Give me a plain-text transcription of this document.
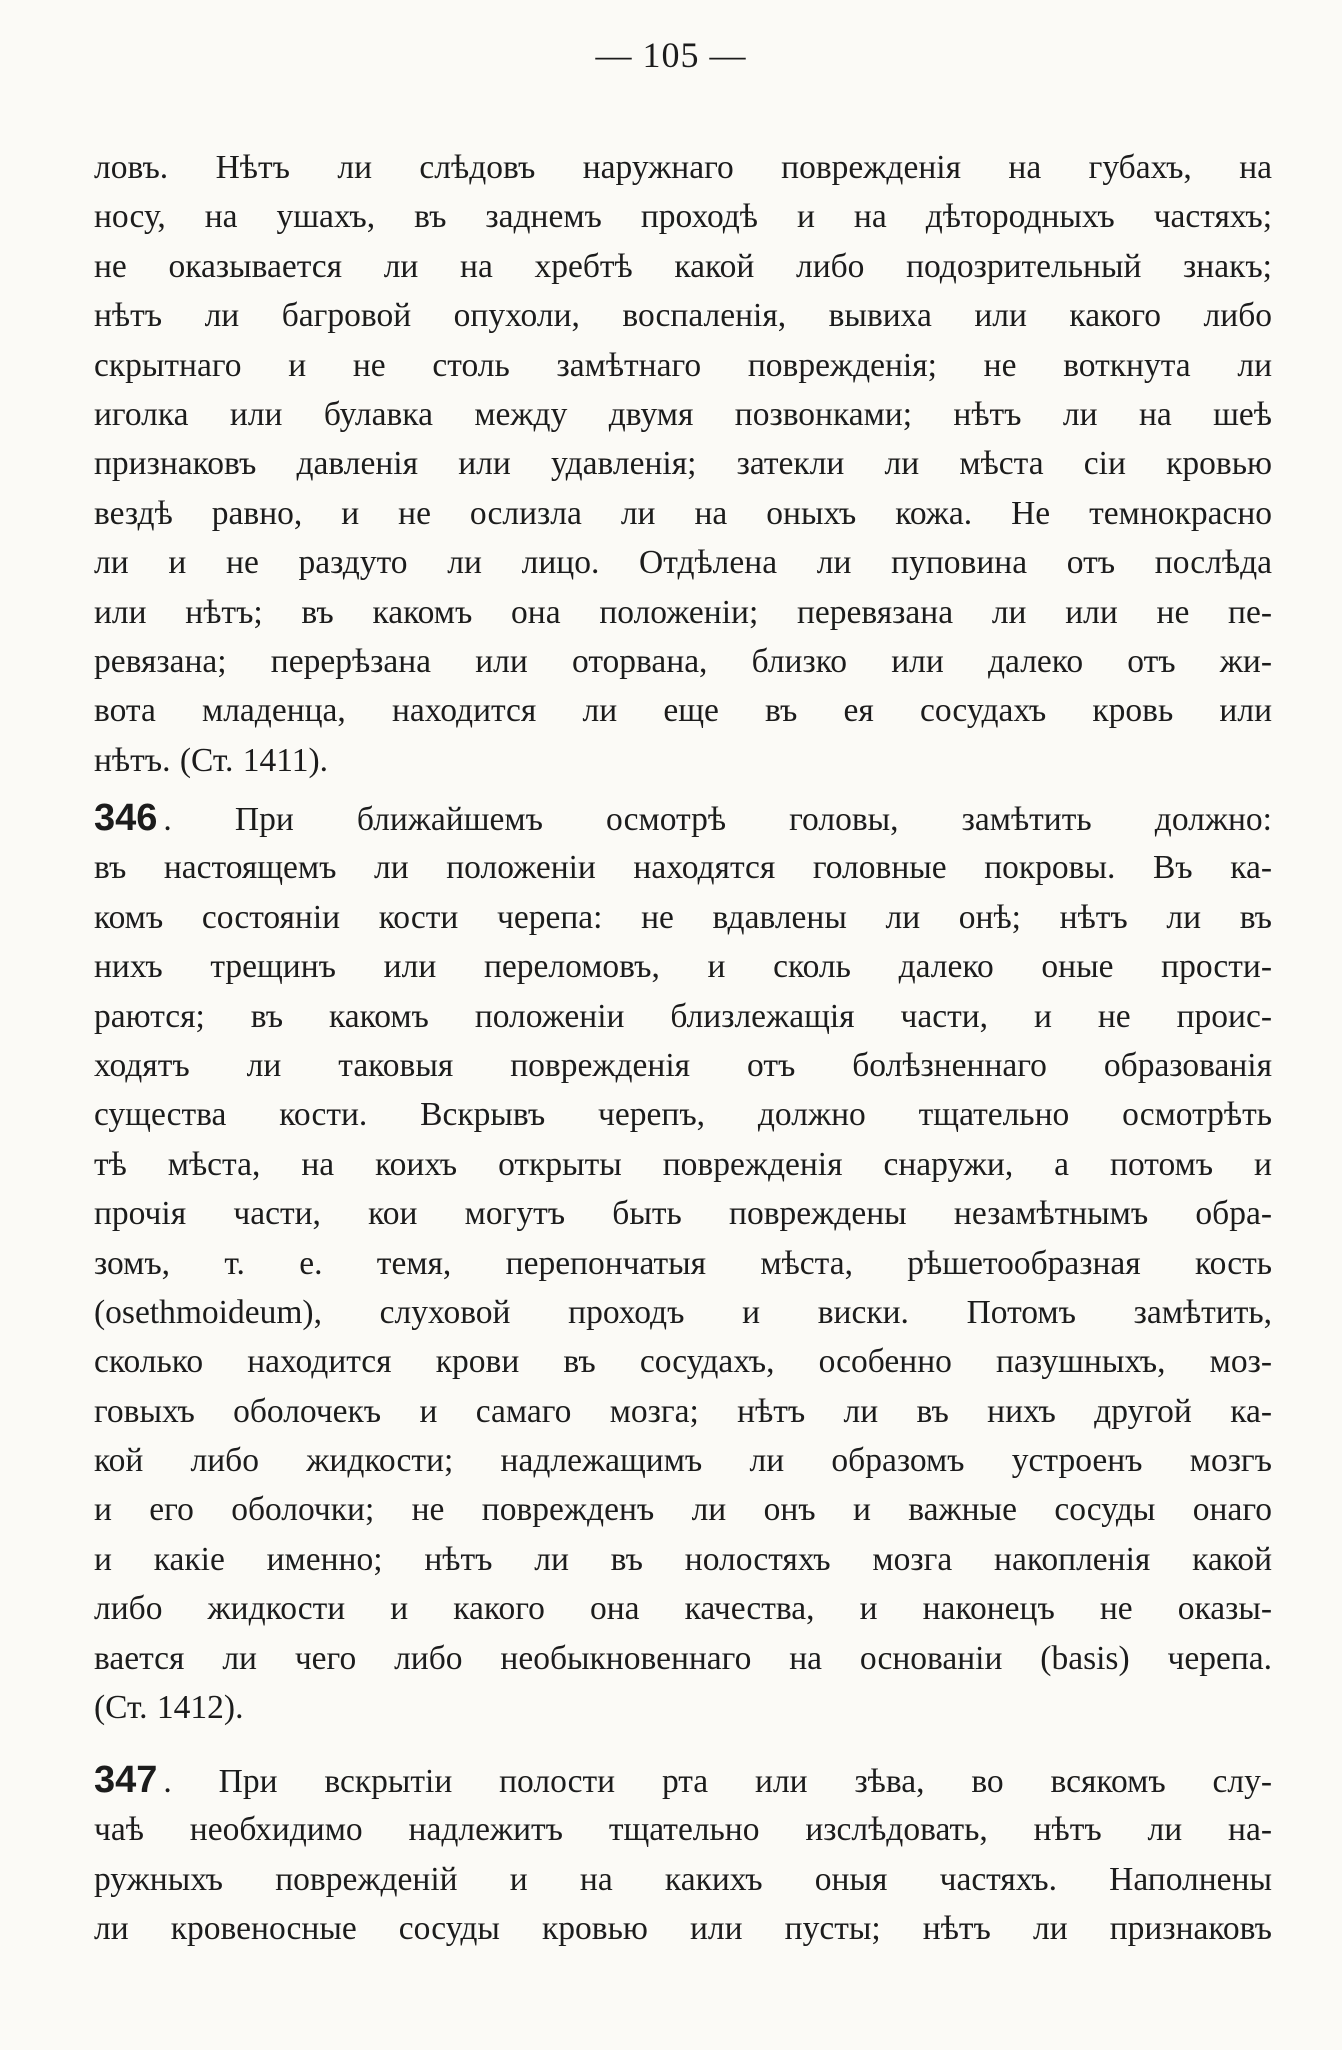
— 105 —
ловъ. Нѣтъ ли слѣдовъ наружнаго поврежденія на губахъ, на
носу, на ушахъ, въ заднемъ проходѣ и на дѣтородныхъ частяхъ;
не оказывается ли на хребтѣ какой либо подозрительный знакъ;
нѣтъ ли багровой опухоли, воспаленія, вывиха или какого либо
скрытнаго и не столь замѣтнаго поврежденія; не воткнута ли
иголка или булавка между двумя позвонками; нѣтъ ли на шеѣ
признаковъ давленія или удавленія; затекли ли мѣста сіи кровью
вездѣ равно, и не ослизла ли на оныхъ кожа. Не темнокрасно
ли и не раздуто ли лицо. Отдѣлена ли пуповина отъ послѣда
или нѣтъ; въ какомъ она положеніи; перевязана ли или не пе-
ревязана; перерѣзана или оторвана, близко или далеко отъ жи-
вота младенца, находится ли еще въ ея сосудахъ кровь или
нѣтъ. (Ст. 1411).
346 . При ближайшемъ осмотрѣ головы, замѣтить должно:
въ настоящемъ ли положеніи находятся головные покровы. Въ ка-
комъ состояніи кости черепа: не вдавлены ли онѣ; нѣтъ ли въ
нихъ трещинъ или переломовъ, и сколь далеко оные прости-
раются; въ какомъ положеніи близлежащія части, и не проис-
ходятъ ли таковыя поврежденія отъ болѣзненнаго образованія
существа кости. Вскрывъ черепъ, должно тщательно осмотрѣть
тѣ мѣста, на коихъ открыты поврежденія снаружи, а потомъ и
прочія части, кои могутъ быть повреждены незамѣтнымъ обра-
зомъ, т. е. темя, перепончатыя мѣста, рѣшетообразная кость
(osethmoideum), слуховой проходъ и виски. Потомъ замѣтить,
сколько находится крови въ сосудахъ, особенно пазушныхъ, моз-
говыхъ оболочекъ и самаго мозга; нѣтъ ли въ нихъ другой ка-
кой либо жидкости; надлежащимъ ли образомъ устроенъ мозгъ
и его оболочки; не поврежденъ ли онъ и важные сосуды онаго
и какіе именно; нѣтъ ли въ нолостяхъ мозга накопленія какой
либо жидкости и какого она качества, и наконецъ не оказы-
вается ли чего либо необыкновеннаго на основаніи (basis) черепа.
(Ст. 1412).
347 . При вскрытіи полости рта или зѣва, во всякомъ слу-
чаѣ необхидимо надлежитъ тщательно изслѣдовать, нѣтъ ли на-
ружныхъ поврежденій и на какихъ оныя частяхъ. Наполнены
ли кровеносные сосуды кровью или пусты; нѣтъ ли признаковъ
